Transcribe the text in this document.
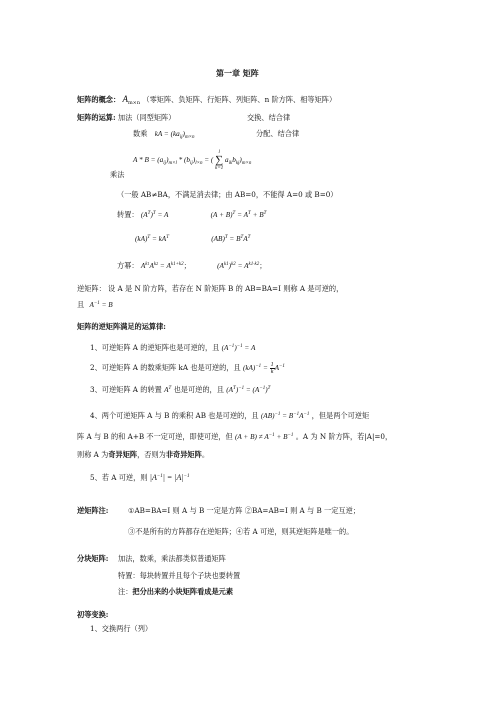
第一章 矩阵
矩阵的概念： $A_{m\times n}$ （零矩阵、负矩阵、行矩阵、列矩阵、n 阶方阵、相等矩阵）
矩阵的运算: 加法（同型矩阵）	交换、结合律
数乘 kA = $(ka_{ij})_{m\times n}$	分配、结合律
$A * B = (a_{ij})_{m\times l} * (b_{ij})_{l\times n}$ = ( l
∑
k=1 $a_{ik}b_{kj})_{m\times n}$
乘法
（一般 AB≠BA，不满足消去律；由 AB=0，不能得 A=0 或 B=0）
转置： $(A^T)^T = A$	$(A + B)^T = A^T + B^T$
$(kA)^T = kA^T$	$(AB)^T = B^TA^T$
方幂： $A^{k1}A^{k2} = A^{k1+k2}$；	$(A^{k1})^{k2} = A^{k1\cdot k2}$；
逆矩阵： 设 A 是 N 阶方阵，若存在 N 阶矩阵 B 的 AB=BA=I 则称 A 是可逆的，
且 $A^{-1} = B$
矩阵的逆矩阵满足的运算律:
1、可逆矩阵 A 的逆矩阵也是可逆的，且 $(A^{-1})^{-1} = A$
2、可逆矩阵 A 的数乘矩阵 kA 也是可逆的，且 $(kA)^{-1} = \frac{1}{k} A^{-1}$
3、可逆矩阵 A 的转置 $A^T$ 也是可逆的，且 $(A^T)^{-1} = (A^{-1})^T$
4、两个可逆矩阵 A 与 B 的乘积 AB 也是可逆的，且 $(AB)^{-1} = B^{-1}A^{-1}$ ，但是两个可逆矩
阵 A 与 B 的和 A+B 不一定可逆，即使可逆，但 $(A + B) \ne A^{-1} + B^{-1}$ 。A 为 N 阶方阵，若|A|=0，
则称 A 为奇异矩阵，否则为非奇异矩阵。
5、若 A 可逆，则 $|A^{-1}| = |A|^{-1}$
逆矩阵注:	①AB=BA=I 则 A 与 B 一定是方阵 ②BA=AB=I 则 A 与 B 一定互逆；
③不是所有的方阵都存在逆矩阵；④若 A 可逆，则其逆矩阵是唯一的。
分块矩阵: 加法，数乘，乘法都类似普通矩阵
特置：每块转置并且每个子块也要转置
注：把分出来的小块矩阵看成是元素
初等变换:
1、交换两行（列）
